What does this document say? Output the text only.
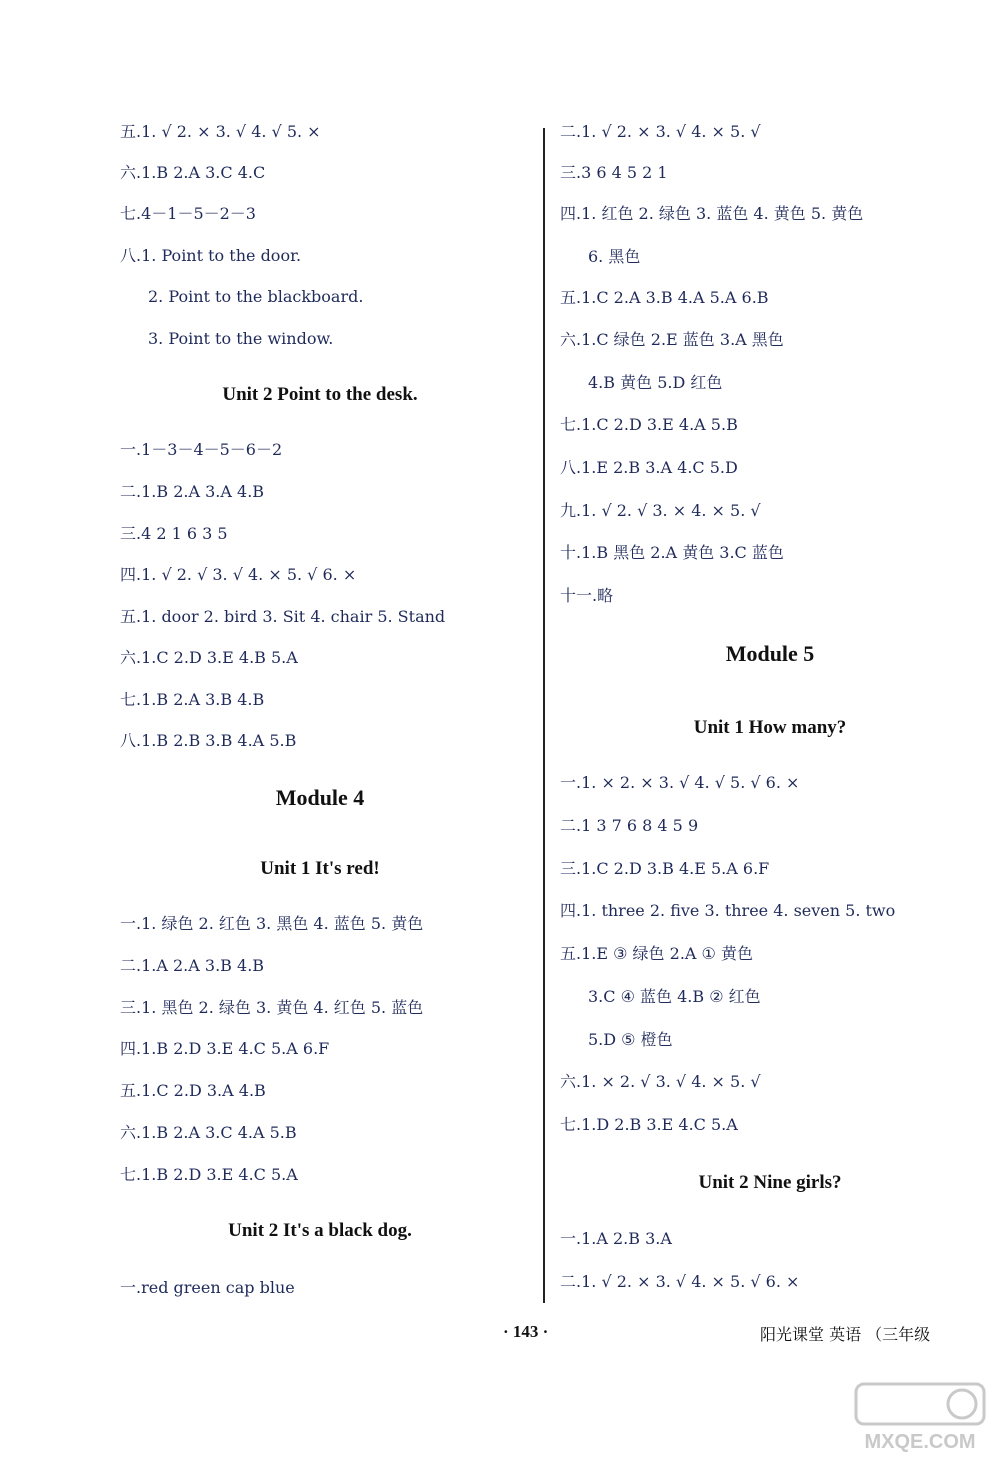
五.1. √ 2. × 3. √ 4. √ 5. ×
六.1.B 2.A 3.C 4.C
七.4－1－5－2－3
八.1. Point to the door.
2. Point to the blackboard.
3. Point to the window.
Unit 2 Point to the desk.
一.1－3－4－5－6－2
二.1.B 2.A 3.A 4.B
三.4 2 1 6 3 5
四.1. √ 2. √ 3. √ 4. × 5. √ 6. ×
五.1. door 2. bird 3. Sit 4. chair 5. Stand
六.1.C 2.D 3.E 4.B 5.A
七.1.B 2.A 3.B 4.B
八.1.B 2.B 3.B 4.A 5.B
Module 4
Unit 1 It's red!
一.1. 绿色 2. 红色 3. 黑色 4. 蓝色 5. 黄色
二.1.A 2.A 3.B 4.B
三.1. 黑色 2. 绿色 3. 黄色 4. 红色 5. 蓝色
四.1.B 2.D 3.E 4.C 5.A 6.F
五.1.C 2.D 3.A 4.B
六.1.B 2.A 3.C 4.A 5.B
七.1.B 2.D 3.E 4.C 5.A
Unit 2 It's a black dog.
一.red green cap blue
二.1. √ 2. × 3. √ 4. × 5. √
三.3 6 4 5 2 1
四.1. 红色 2. 绿色 3. 蓝色 4. 黄色 5. 黄色
6. 黑色
五.1.C 2.A 3.B 4.A 5.A 6.B
六.1.C 绿色 2.E 蓝色 3.A 黑色
4.B 黄色 5.D 红色
七.1.C 2.D 3.E 4.A 5.B
八.1.E 2.B 3.A 4.C 5.D
九.1. √ 2. √ 3. × 4. × 5. √
十.1.B 黑色 2.A 黄色 3.C 蓝色
十一.略
Module 5
Unit 1 How many?
一.1. × 2. × 3. √ 4. √ 5. √ 6. ×
二.1 3 7 6 8 4 5 9
三.1.C 2.D 3.B 4.E 5.A 6.F
四.1. three 2. five 3. three 4. seven 5. two
五.1.E ③ 绿色 2.A ① 黄色
3.C ④ 蓝色 4.B ② 红色
5.D ⑤ 橙色
六.1. × 2. √ 3. √ 4. × 5. √
七.1.D 2.B 3.E 4.C 5.A
Unit 2 Nine girls?
一.1.A 2.B 3.A
二.1. √ 2. × 3. √ 4. × 5. √ 6. ×
· 143 ·	阳光课堂 英语 （三年级
MXQE.COM
